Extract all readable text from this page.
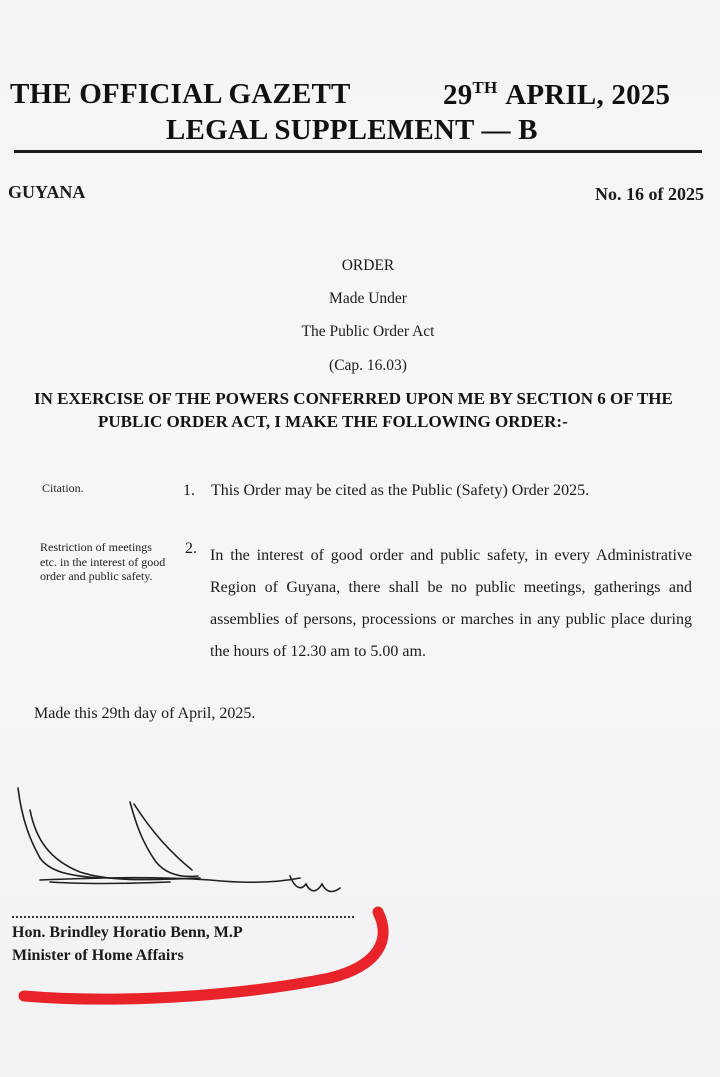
THE OFFICIAL GAZETT	29TH APRIL, 2025
LEGAL SUPPLEMENT — B
GUYANA	No. 16 of 2025
ORDER
Made Under
The Public Order Act
(Cap. 16.03)
IN EXERCISE OF THE POWERS CONFERRED UPON ME BY SECTION 6 OF THE
PUBLIC ORDER ACT, I MAKE THE FOLLOWING ORDER:-
Citation.	1. This Order may be cited as the Public (Safety) Order 2025.
Restriction of meetings etc. in the interest of good order and public safety.
2. In the interest of good order and public safety, in every Administrative Region of Guyana, there shall be no public meetings, gatherings and assemblies of persons, processions or marches in any public place during the hours of 12.30 am to 5.00 am.
Made this 29th day of April, 2025.
Hon. Brindley Horatio Benn, M.P
Minister of Home Affairs
